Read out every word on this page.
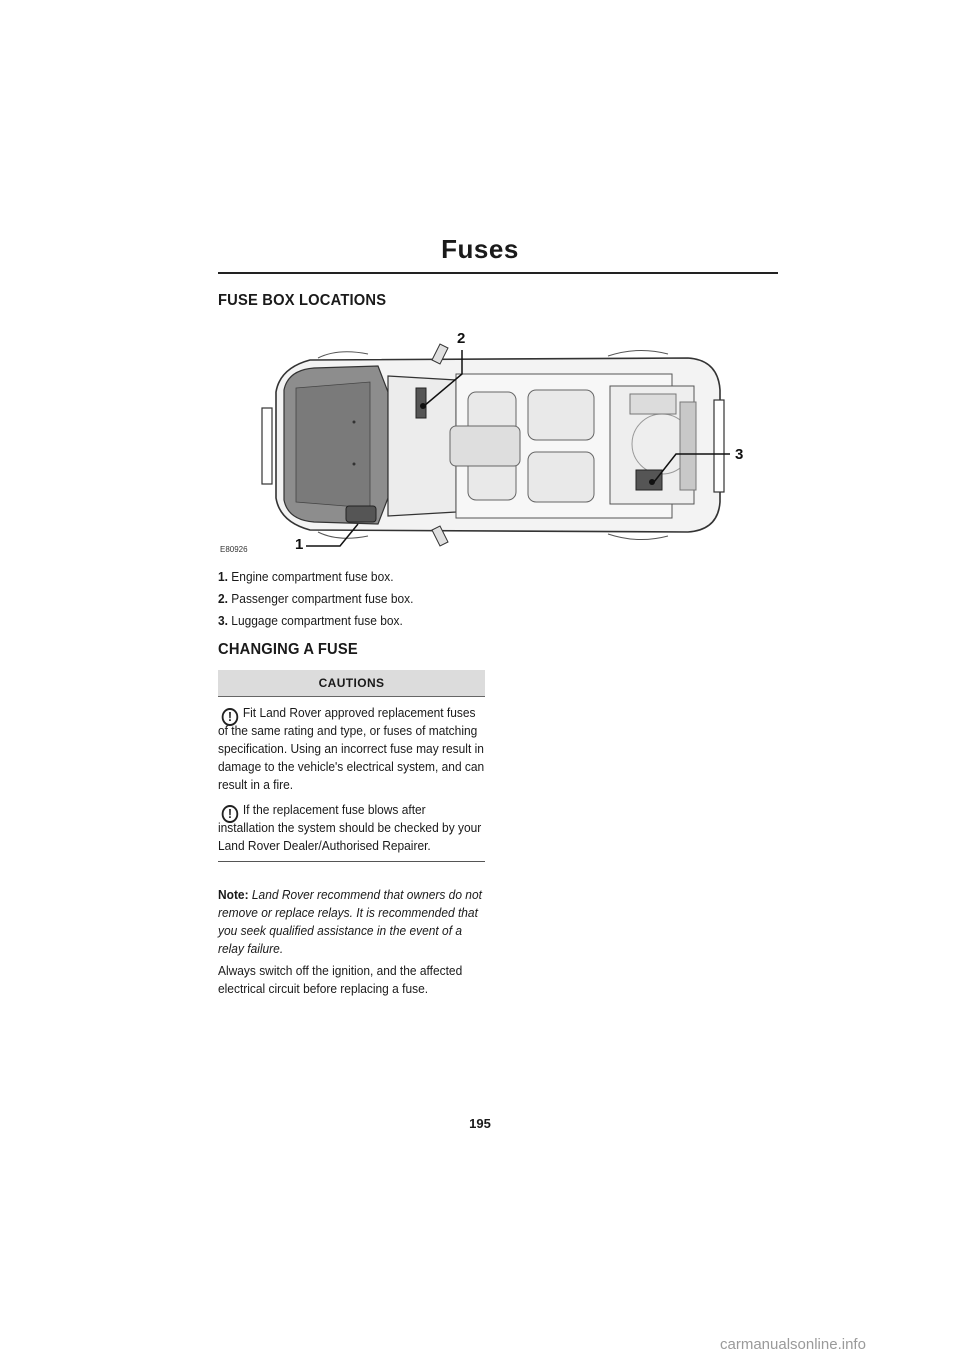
Fuses
FUSE BOX LOCATIONS
E80926	1
2
3
1. Engine compartment fuse box.
2. Passenger compartment fuse box.
3. Luggage compartment fuse box.
CHANGING A FUSE
CAUTIONS
! Fit Land Rover approved replacement fuses of the same rating and type, or fuses of matching specification. Using an incorrect fuse may result in damage to the vehicle's electrical system, and can result in a fire.
! If the replacement fuse blows after installation the system should be checked by your Land Rover Dealer/Authorised Repairer.
Note: Land Rover recommend that owners do not remove or replace relays. It is recommended that you seek qualified assistance in the event of a relay failure.
Always switch off the ignition, and the affected electrical circuit before replacing a fuse.
195
carmanualsonline.info
